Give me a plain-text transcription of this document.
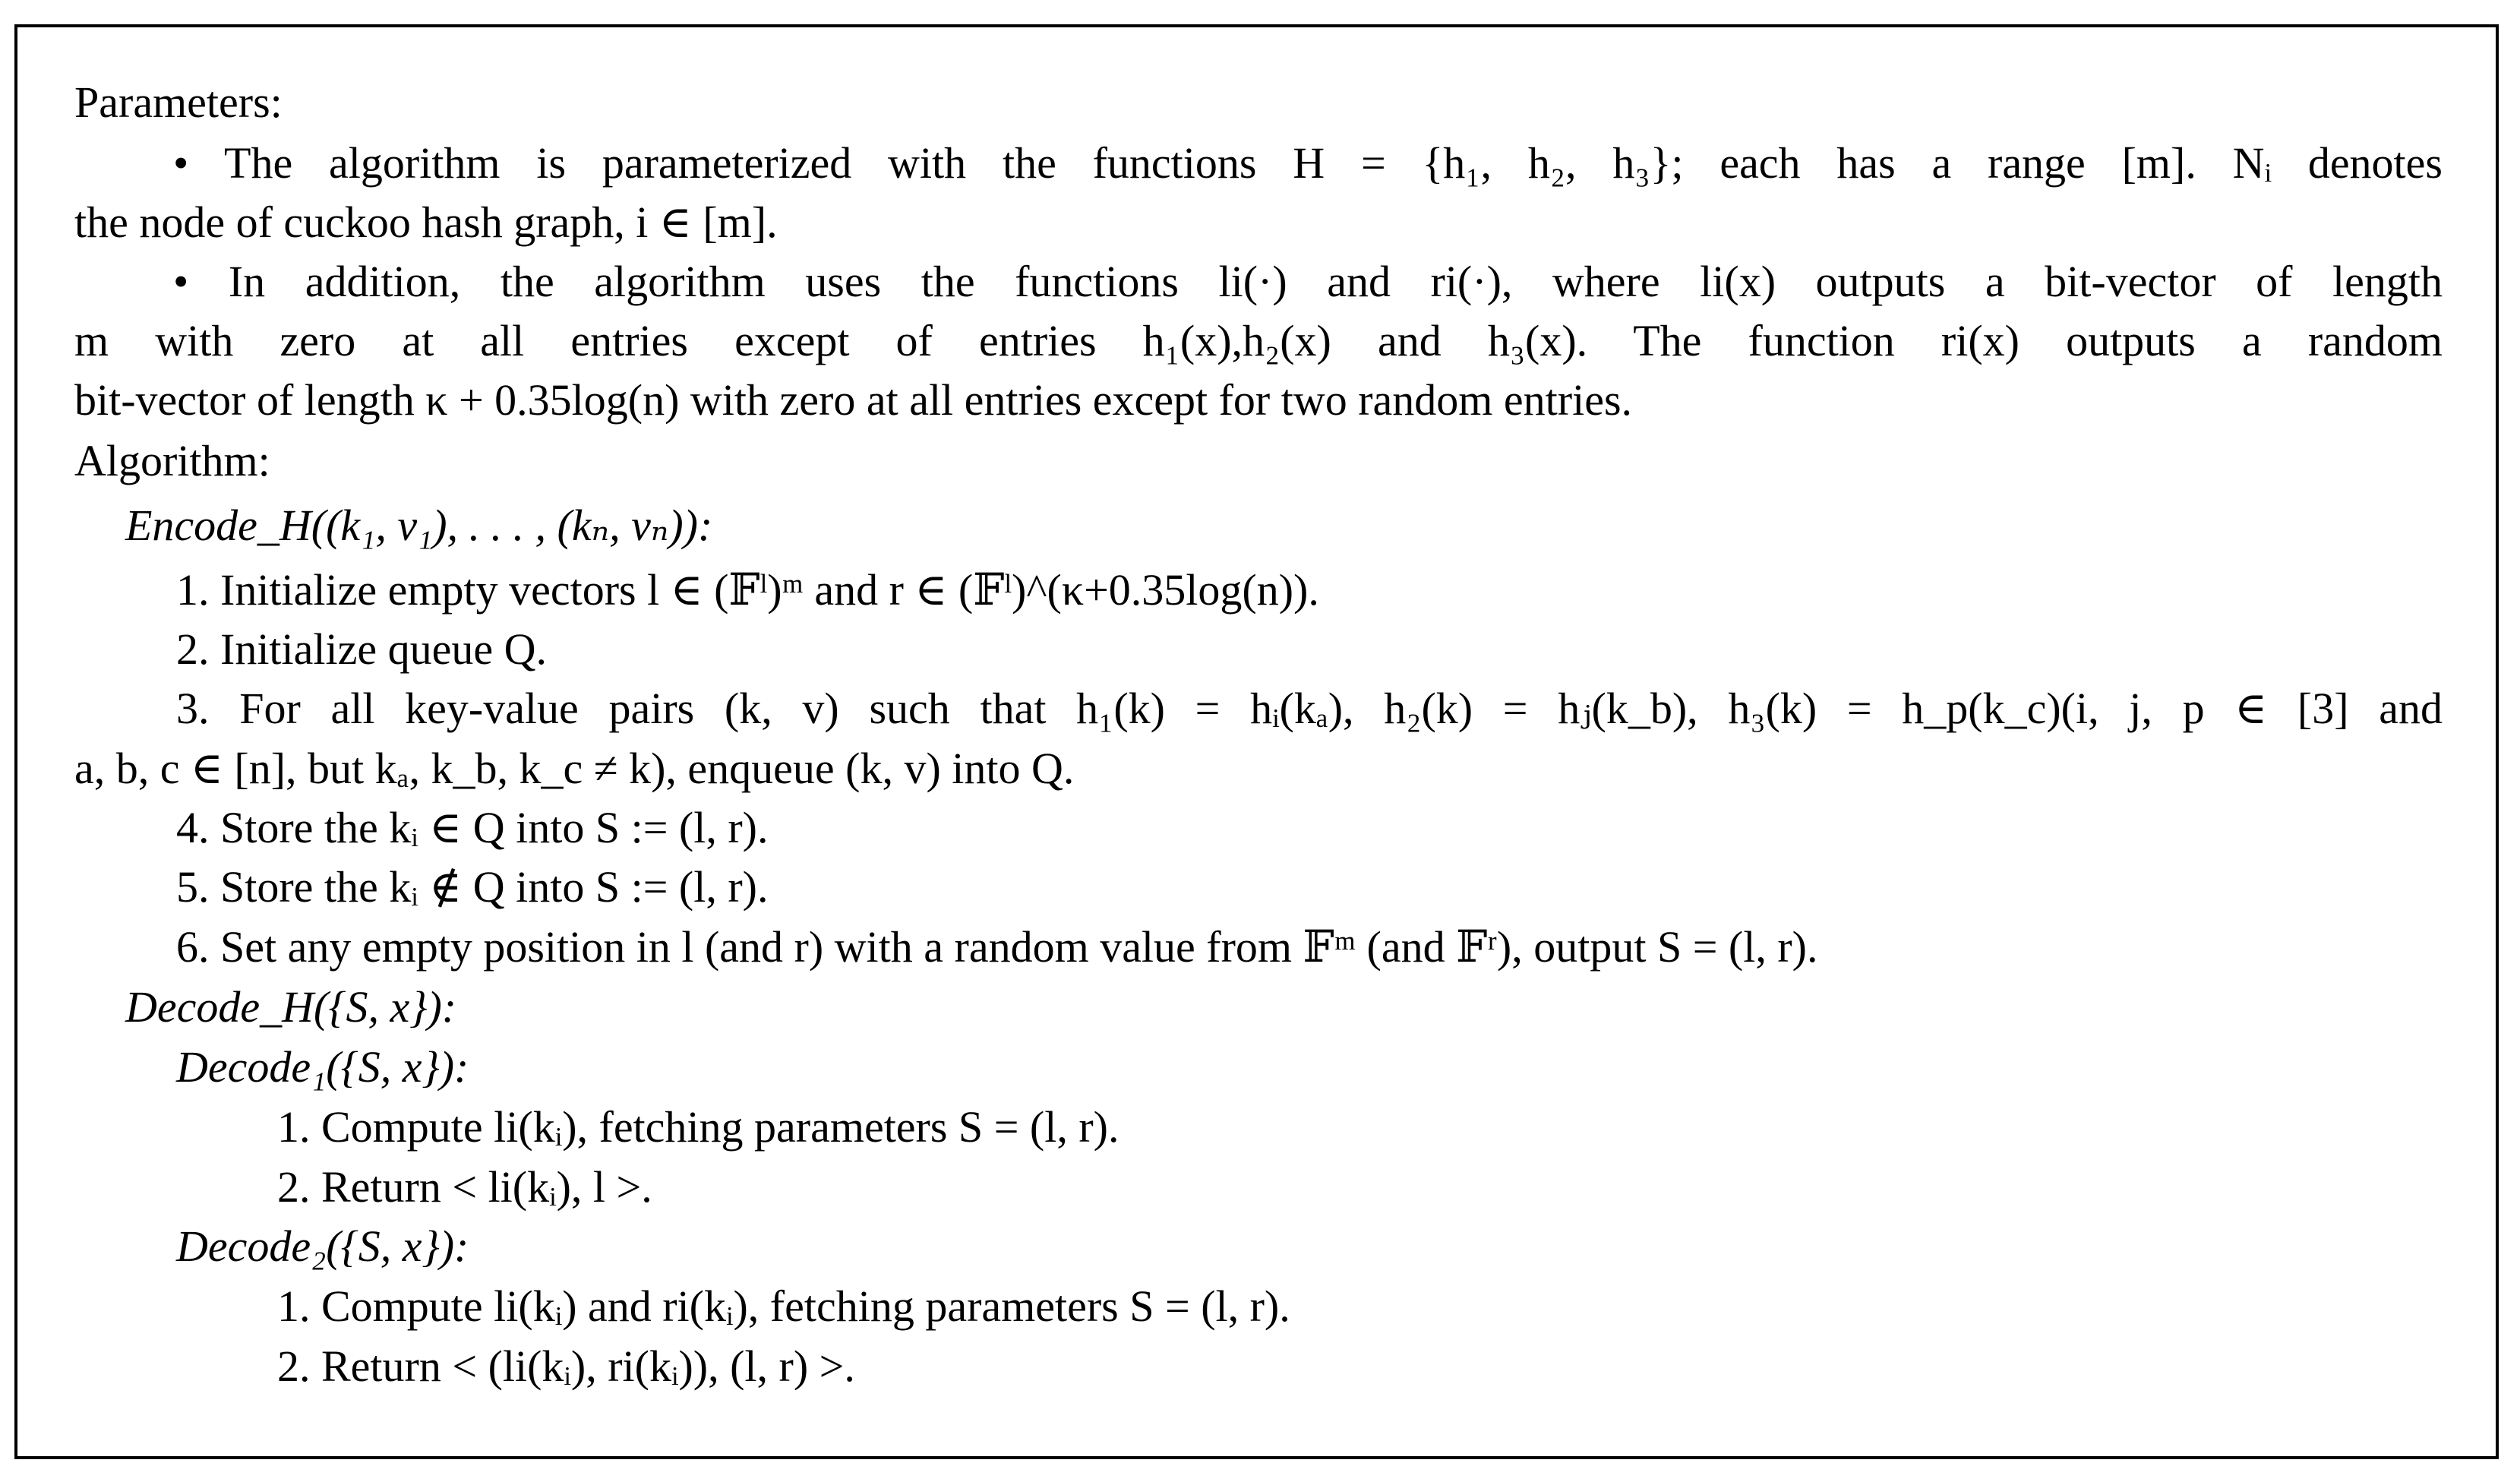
Parameters:
• The algorithm is parameterized with the functions H = {h₁, h₂, h₃}; each has a range [m]. Nᵢ denotes
the node of cuckoo hash graph, i ∈ [m].
• In addition, the algorithm uses the functions li(·) and ri(·), where li(x) outputs a bit-vector of length
m with zero at all entries except of entries h₁(x),h₂(x) and h₃(x). The function ri(x) outputs a random
bit-vector of length κ + 0.35log(n) with zero at all entries except for two random entries.
Algorithm:
Encode_H((k₁, v₁), . . . , (kₙ, vₙ)):
1. Initialize empty vectors l ∈ (𝔽ˡ)ᵐ and r ∈ (𝔽ˡ)^(κ+0.35log(n)).
2. Initialize queue Q.
3. For all key-value pairs (k, v) such that h₁(k) = hᵢ(kₐ), h₂(k) = hⱼ(k_b), h₃(k) = h_p(k_c)(i, j, p ∈ [3] and
a, b, c ∈ [n], but kₐ, k_b, k_c ≠ k), enqueue (k, v) into Q.
4. Store the kᵢ ∈ Q into S := (l, r).
5. Store the kᵢ ∉ Q into S := (l, r).
6. Set any empty position in l (and r) with a random value from 𝔽ᵐ (and 𝔽ʳ), output S = (l, r).
Decode_H({S, x}):
Decode₁({S, x}):
1. Compute li(kᵢ), fetching parameters S = (l, r).
2. Return < li(kᵢ), l >.
Decode₂({S, x}):
1. Compute li(kᵢ) and ri(kᵢ), fetching parameters S = (l, r).
2. Return < (li(kᵢ), ri(kᵢ)), (l, r) >.
